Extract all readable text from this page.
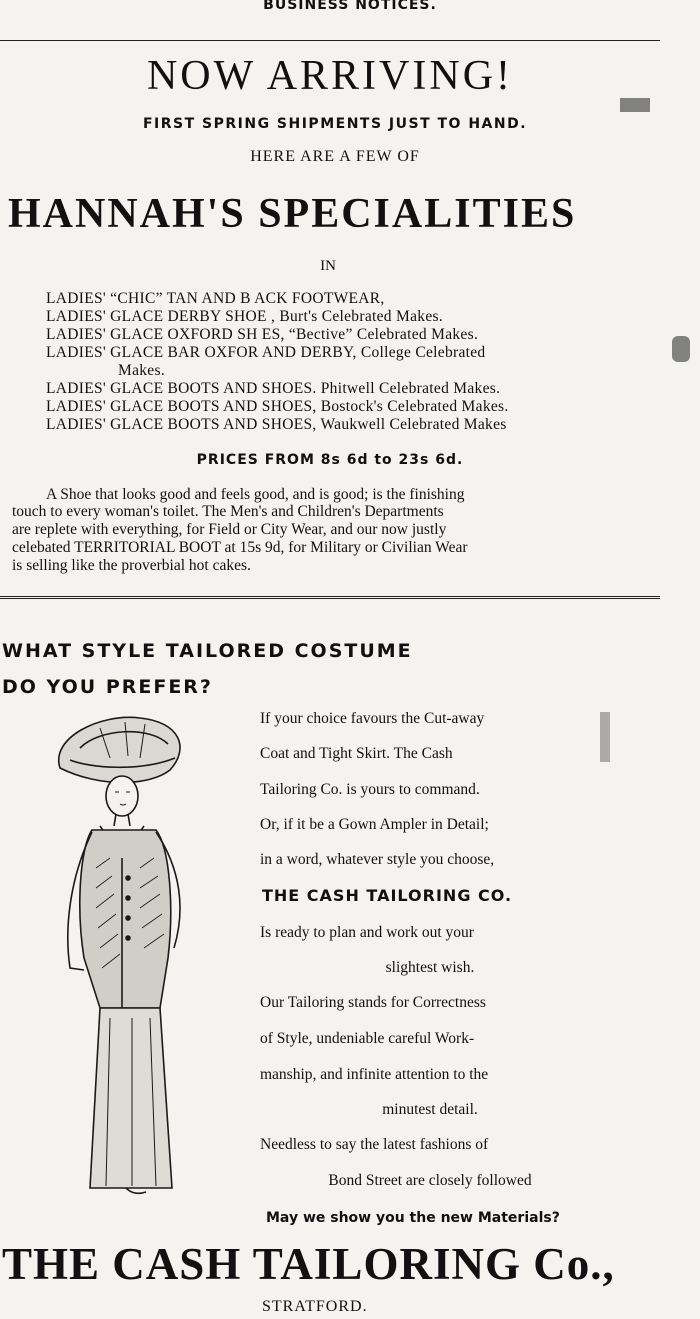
BUSINESS NOTICES.
NOW ARRIVING!
FIRST SPRING SHIPMENTS JUST TO HAND.
HERE ARE A FEW OF
HANNAH'S SPECIALITIES
IN
LADIES' “CHIC” TAN AND B ACK FOOTWEAR,
LADIES' GLACE DERBY SHOE , Burt's Celebrated Makes.
LADIES' GLACE OXFORD SH ES, “Bective” Celebrated Makes.
LADIES' GLACE BAR OXFOR AND DERBY, College Celebrated
Makes.
LADIES' GLACE BOOTS AND SHOES. Phitwell Celebrated Makes.
LADIES' GLACE BOOTS AND SHOES, Bostock's Celebrated Makes.
LADIES' GLACE BOOTS AND SHOES, Waukwell Celebrated Makes
PRICES FROM 8s 6d to 23s 6d.
A Shoe that looks good and feels good, and is good; is the finishing
touch to every woman's toilet. The Men's and Children's Departments
are replete with everything, for Field or City Wear, and our now justly
celebated TERRITORIAL BOOT at 15s 9d, for Military or Civilian Wear
is selling like the proverbial hot cakes.
WHAT STYLE TAILORED COSTUME
DO YOU PREFER?
If your choice favours the Cut-away
Coat and Tight Skirt. The Cash
Tailoring Co. is yours to command.
Or, if it be a Gown Ampler in Detail;
in a word, whatever style you choose,
THE CASH TAILORING CO.
Is ready to plan and work out your
slightest wish.
Our Tailoring stands for Correctness
of Style, undeniable careful Work-
manship, and infinite attention to the
minutest detail.
Needless to say the latest fashions of
Bond Street are closely followed
May we show you the new Materials?
THE CASH TAILORING Co.,
STRATFORD.
